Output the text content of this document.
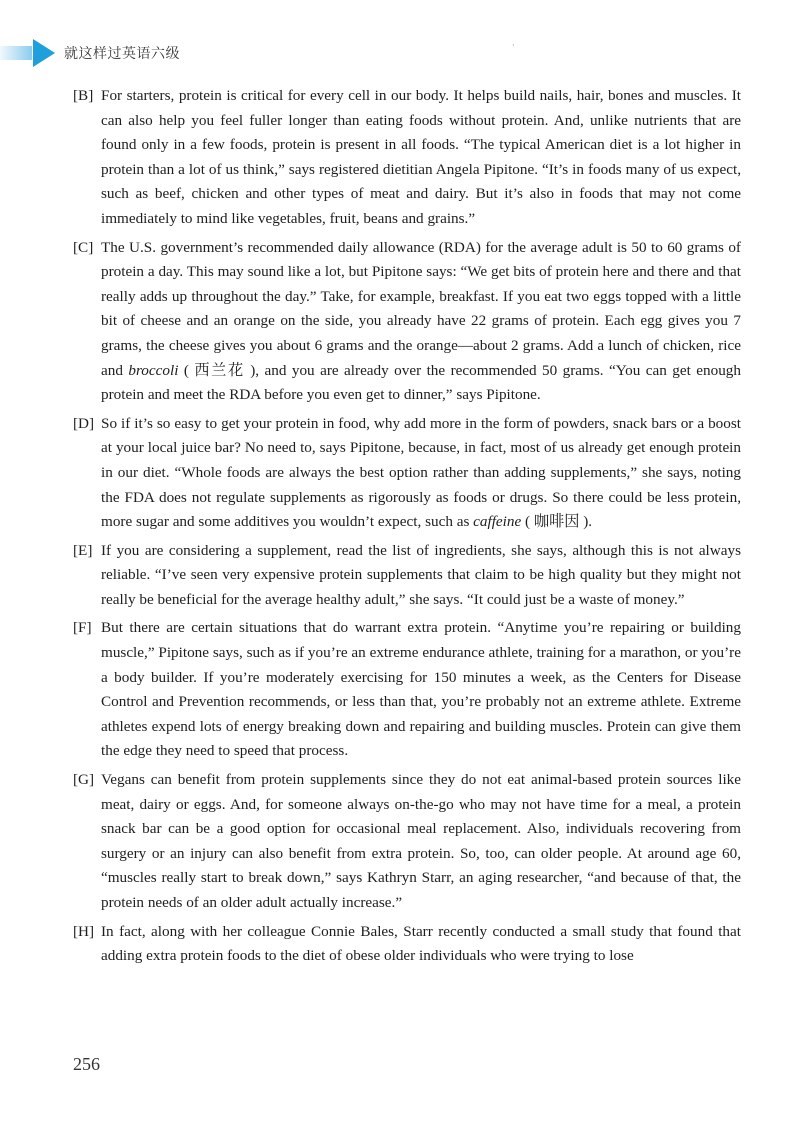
就这样过英语六级
·

[B] For starters, protein is critical for every cell in our body. It helps build nails, hair, bones and muscles. It can also help you feel fuller longer than eating foods without protein. And, unlike nutrients that are found only in a few foods, protein is present in all foods. “The typical American diet is a lot higher in protein than a lot of us think,” says registered dietitian Angela Pipitone. “It’s in foods many of us expect, such as beef, chicken and other types of meat and dairy. But it’s also in foods that may not come immediately to mind like vegetables, fruit, beans and grains.”

[C] The U.S. government’s recommended daily allowance (RDA) for the average adult is 50 to 60 grams of protein a day. This may sound like a lot, but Pipitone says: “We get bits of protein here and there and that really adds up throughout the day.” Take, for example, breakfast. If you eat two eggs topped with a little bit of cheese and an orange on the side, you already have 22 grams of protein. Each egg gives you 7 grams, the cheese gives you about 6 grams and the orange—about 2 grams. Add a lunch of chicken, rice and broccoli ( 西兰花 ), and you are already over the recommended 50 grams. “You can get enough protein and meet the RDA before you even get to dinner,” says Pipitone.

[D] So if it’s so easy to get your protein in food, why add more in the form of powders, snack bars or a boost at your local juice bar? No need to, says Pipitone, because, in fact, most of us already get enough protein in our diet. “Whole foods are always the best option rather than adding supplements,” she says, noting the FDA does not regulate supplements as rigorously as foods or drugs. So there could be less protein, more sugar and some additives you wouldn’t expect, such as caffeine ( 咖啡因 ).

[E] If you are considering a supplement, read the list of ingredients, she says, although this is not always reliable. “I’ve seen very expensive protein supplements that claim to be high quality but they might not really be beneficial for the average healthy adult,” she says. “It could just be a waste of money.”

[F] But there are certain situations that do warrant extra protein. “Anytime you’re repairing or building muscle,” Pipitone says, such as if you’re an extreme endurance athlete, training for a marathon, or you’re a body builder. If you’re moderately exercising for 150 minutes a week, as the Centers for Disease Control and Prevention recommends, or less than that, you’re probably not an extreme athlete. Extreme athletes expend lots of energy breaking down and repairing and building muscles. Protein can give them the edge they need to speed that process.

[G] Vegans can benefit from protein supplements since they do not eat animal-based protein sources like meat, dairy or eggs. And, for someone always on-the-go who may not have time for a meal, a protein snack bar can be a good option for occasional meal replacement. Also, individuals recovering from surgery or an injury can also benefit from extra protein. So, too, can older people. At around age 60, “muscles really start to break down,” says Kathryn Starr, an aging researcher, “and because of that, the protein needs of an older adult actually increase.”

[H] In fact, along with her colleague Connie Bales, Starr recently conducted a small study that found that adding extra protein foods to the diet of obese older individuals who were trying to lose

256
